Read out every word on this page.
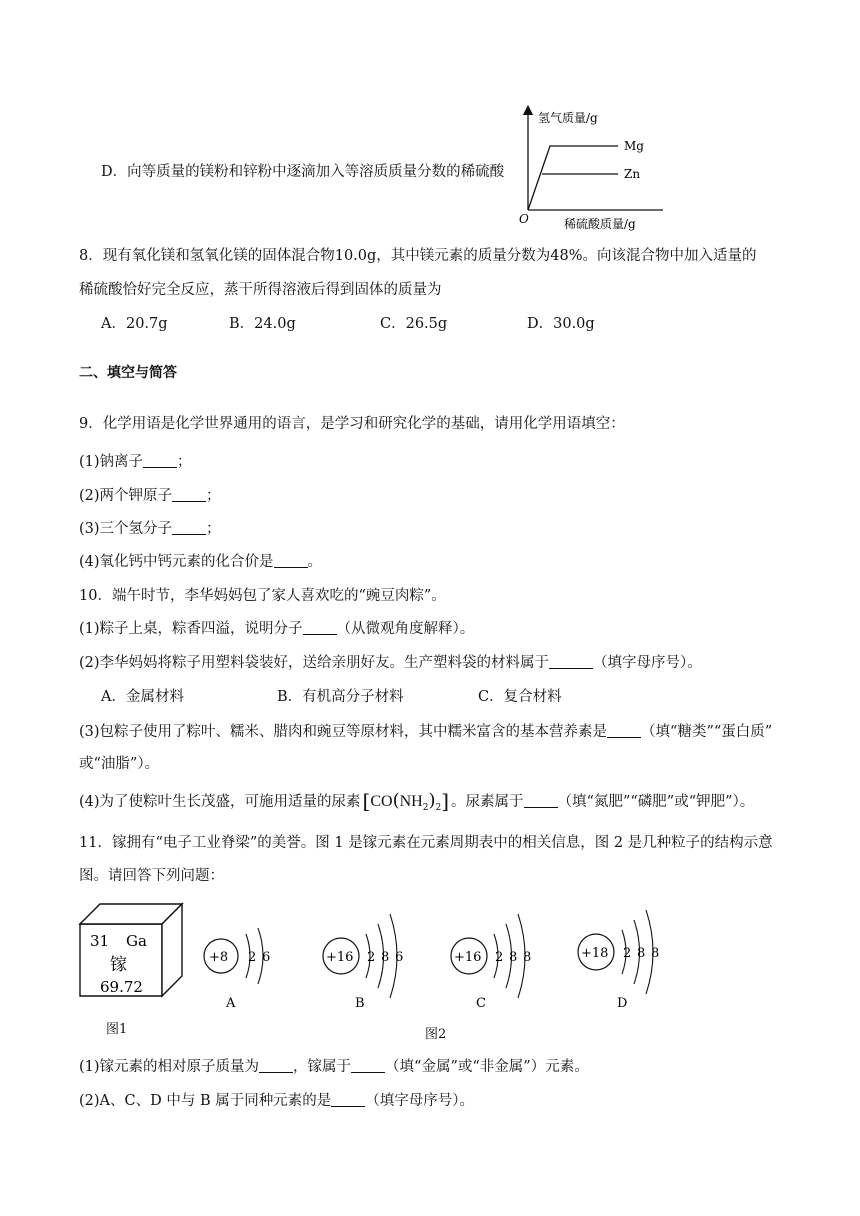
D．向等质量的镁粉和锌粉中逐滴加入等溶质质量分数的稀硫酸
氢气质量/g
O	稀硫酸质量/g
Mg
Zn
8．现有氧化镁和氢氧化镁的固体混合物10.0g，其中镁元素的质量分数为48%。向该混合物中加入适量的
稀硫酸恰好完全反应，蒸干所得溶液后得到固体的质量为
A．20.7g	B．24.0g	C．26.5g	D．30.0g
二、填空与简答
9．化学用语是化学世界通用的语言，是学习和研究化学的基础，请用化学用语填空：
(1)钠离子 ；
(2)两个钾原子 ；
(3)三个氢分子 ；
(4)氧化钙中钙元素的化合价是 。
10．端午时节，李华妈妈包了家人喜欢吃的“豌豆肉粽”。
(1)粽子上桌，粽香四溢，说明分子 （从微观角度解释）。
(2)李华妈妈将粽子用塑料袋装好，送给亲朋好友。生产塑料袋的材料属于	（填字母序号）。
A．金属材料	B．有机高分子材料	C．复合材料
(3)包粽子使用了粽叶、糯米、腊肉和豌豆等原材料，其中糯米富含的基本营养素是 （填“糖类”“蛋白质”
或“油脂”）。
(4)为了使粽叶生长茂盛，可施用适量的尿素 $[CO(NH_2)_2]$ 。尿素属于 （填“氮肥”“磷肥”或“钾肥”）。
11．镓拥有“电子工业脊梁”的美誉。图 1 是镓元素在元素周期表中的相关信息，图 2 是几种粒子的结构示意
图。请回答下列问题：
31 Ga
镓
69.72
图1
+8 2 6
A
+16 2 8 6
B
+16 2 8 8
C
+18 2 8 8
D
图2
(1)镓元素的相对原子质量为 ，镓属于 （填“金属”或“非金属”）元素。
(2)A、C、D 中与 B 属于同种元素的是 （填字母序号）。
